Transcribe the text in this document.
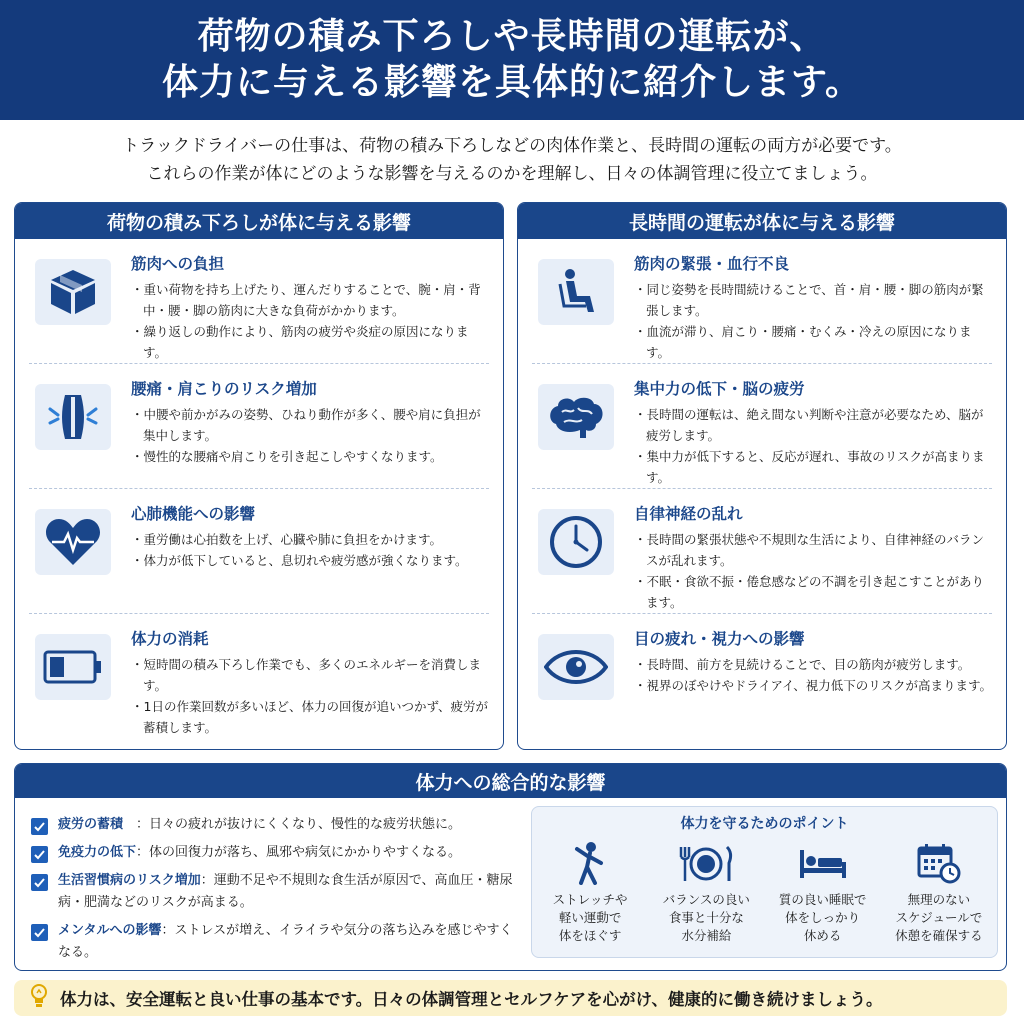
荷物の積み下ろしや長時間の運転が、
体力に与える影響を具体的に紹介します。
トラックドライバーの仕事は、荷物の積み下ろしなどの肉体作業と、長時間の運転の両方が必要です。
これらの作業が体にどのような影響を与えるのかを理解し、日々の体調管理に役立てましょう。
荷物の積み下ろしが体に与える影響
筋肉への負担
・重い荷物を持ち上げたり、運んだりすることで、腕・肩・背中・腰・脚の筋肉に大きな負荷がかかります。
・繰り返しの動作により、筋肉の疲労や炎症の原因になります。
腰痛・肩こりのリスク増加
・中腰や前かがみの姿勢、ひねり動作が多く、腰や肩に負担が集中します。
・慢性的な腰痛や肩こりを引き起こしやすくなります。
心肺機能への影響
・重労働は心拍数を上げ、心臓や肺に負担をかけます。
・体力が低下していると、息切れや疲労感が強くなります。
体力の消耗
・短時間の積み下ろし作業でも、多くのエネルギーを消費します。
・1日の作業回数が多いほど、体力の回復が追いつかず、疲労が蓄積します。
長時間の運転が体に与える影響
筋肉の緊張・血行不良
・同じ姿勢を長時間続けることで、首・肩・腰・脚の筋肉が緊張します。
・血流が滞り、肩こり・腰痛・むくみ・冷えの原因になります。
集中力の低下・脳の疲労
・長時間の運転は、絶え間ない判断や注意が必要なため、脳が疲労します。
・集中力が低下すると、反応が遅れ、事故のリスクが高まります。
自律神経の乱れ
・長時間の緊張状態や不規則な生活により、自律神経のバランスが乱れます。
・不眠・食欲不振・倦怠感などの不調を引き起こすことがあります。
目の疲れ・視力への影響
・長時間、前方を見続けることで、目の筋肉が疲労します。
・視界のぼやけやドライアイ、視力低下のリスクが高まります。
体力への総合的な影響
疲労の蓄積　：日々の疲れが抜けにくくなり、慢性的な疲労状態に。
免疫力の低下：体の回復力が落ち、風邪や病気にかかりやすくなる。
生活習慣病のリスク増加：運動不足や不規則な食生活が原因で、高血圧・糖尿病・肥満などのリスクが高まる。
メンタルへの影響：ストレスが増え、イライラや気分の落ち込みを感じやすくなる。
体力を守るためのポイント
ストレッチや
軽い運動で
体をほぐす
バランスの良い
食事と十分な
水分補給
質の良い睡眠で
体をしっかり
休める
無理のない
スケジュールで
休憩を確保する
体力は、安全運転と良い仕事の基本です。日々の体調管理とセルフケアを心がけ、健康的に働き続けましょう。
